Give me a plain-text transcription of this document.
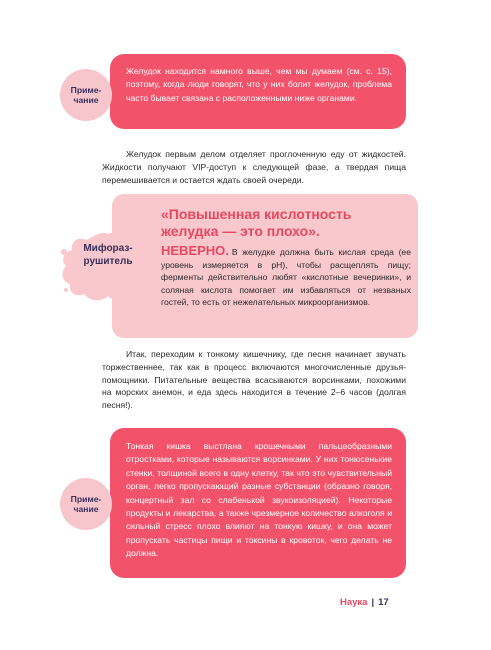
Желудок находится намного выше, чем мы думаем (см. с. 15), поэтому, когда люди говорят, что у них болит желудок, проблема часто бывает связана с расположенными ниже органами.

Приме-
чание
Желудок первым делом отделяет проглоченную еду от жидкостей. Жидкости получают VIP-доступ к следующей фазе, а твердая пища перемешивается и остается ждать своей очереди.
Мифораз-
рушитель
«Повышенная кислотность желудка — это плохо».
НЕВЕРНО. В желудке должна быть кислая среда (ее уровень измеряется в pH), чтобы расщеплять пищу; ферменты действительно любят «кислотные вечеринки», и соляная кислота помогает им избавляться от незваных гостей, то есть от нежелательных микроорганизмов.
Итак, переходим к тонкому кишечнику, где песня начинает звучать торжественнее, так как в процесс включаются многочисленные друзья-помощники. Питательные вещества всасываются ворсинками, похожими на морских анемон, и еда здесь находится в течение 2–6 часов (долгая песня!).

Тонкая кишка выстлана крошечными пальцеобразными отростками, которые называются ворсинками. У них тонюсенькие стенки, толщиной всего в одну клетку, так что это чувствительный орган, легко пропускающий разные субстанции (образно говоря, концертный зал со слабенькой звукоизоляцией). Некоторые продукты и лекарства, а также чрезмерное количество алкоголя и сильный стресс плохо влияют на тонкую кишку, и она может пропускать частицы пищи и токсины в кровоток, чего делать не должна.

Приме-
чание
Наука | 17
